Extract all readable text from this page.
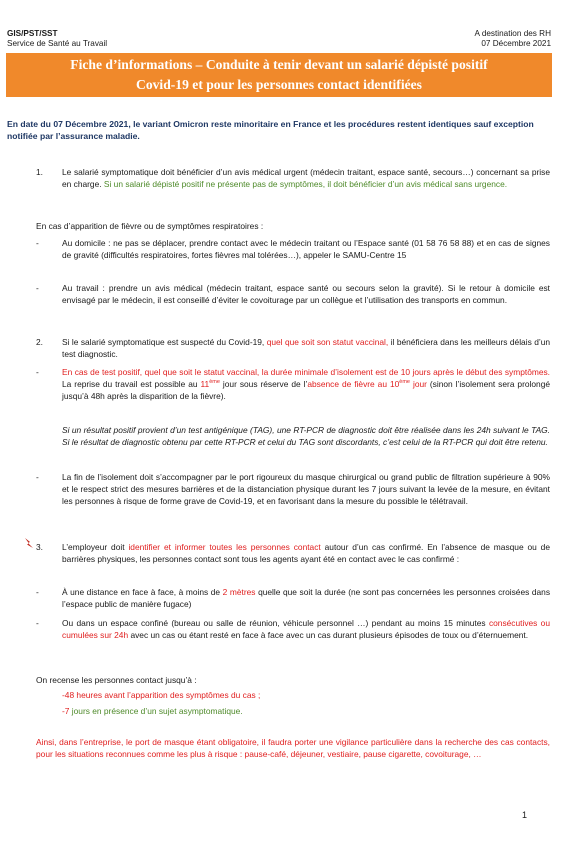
GIS/PST/SST
Service de Santé au Travail
A destination des RH
07 Décembre 2021
Fiche d’informations – Conduite à tenir devant un salarié dépisté positif
Covid-19 et pour les personnes contact identifiées
En date du 07 Décembre 2021, le variant Omicron reste minoritaire en France et les procédures restent identiques sauf exception notifiée par l’assurance maladie.
1. Le salarié symptomatique doit bénéficier d’un avis médical urgent (médecin traitant, espace santé, secours…) concernant sa prise en charge. Si un salarié dépisté positif ne présente pas de symptômes, il doit bénéficier d’un avis médical sans urgence.
En cas d’apparition de fièvre ou de symptômes respiratoires :
-	Au domicile : ne pas se déplacer, prendre contact avec le médecin traitant ou l’Espace santé (01 58 76 58 88) et en cas de signes de gravité (difficultés respiratoires, fortes fièvres mal tolérées…), appeler le SAMU-Centre 15
-	Au travail : prendre un avis médical (médecin traitant, espace santé ou secours selon la gravité). Si le retour à domicile est envisagé par le médecin, il est conseillé d’éviter le covoiturage par un collègue et l’utilisation des transports en commun.
2. Si le salarié symptomatique est suspecté du Covid-19, quel que soit son statut vaccinal, il bénéficiera dans les meilleurs délais d’un test diagnostic.
-	En cas de test positif, quel que soit le statut vaccinal, la durée minimale d’isolement est de 10 jours après le début des symptômes. La reprise du travail est possible au 11ème jour sous réserve de l’absence de fièvre au 10ème jour (sinon l’isolement sera prolongé jusqu’à 48h après la disparition de la fièvre).
Si un résultat positif provient d’un test antigénique (TAG), une RT-PCR de diagnostic doit être réalisée dans les 24h suivant le TAG. Si le résultat de diagnostic obtenu par cette RT-PCR et celui du TAG sont discordants, c’est celui de la RT-PCR qui doit être retenu.
-	La fin de l’isolement doit s’accompagner par le port rigoureux du masque chirurgical ou grand public de filtration supérieure à 90% et le respect strict des mesures barrières et de la distanciation physique durant les 7 jours suivant la levée de la mesure, en évitant les personnes à risque de forme grave de Covid-19, et en favorisant dans la mesure du possible le télétravail.
3. L’employeur doit identifier et informer toutes les personnes contact autour d’un cas confirmé. En l’absence de masque ou de barrières physiques, les personnes contact sont tous les agents ayant été en contact avec le cas confirmé :
-	À une distance en face à face, à moins de 2 mètres quelle que soit la durée (ne sont pas concernées les personnes croisées dans l’espace public de manière fugace)
-	Ou dans un espace confiné (bureau ou salle de réunion, véhicule personnel …) pendant au moins 15 minutes consécutives ou cumulées sur 24h avec un cas ou étant resté en face à face avec un cas durant plusieurs épisodes de toux ou d’éternuement.
On recense les personnes contact jusqu’à :
-48 heures avant l’apparition des symptômes du cas ;
-7 jours en présence d’un sujet asymptomatique.
Ainsi, dans l’entreprise, le port de masque étant obligatoire, il faudra porter une vigilance particulière dans la recherche des cas contacts, pour les situations reconnues comme les plus à risque : pause-café, déjeuner, vestiaire, pause cigarette, covoiturage, …
1
